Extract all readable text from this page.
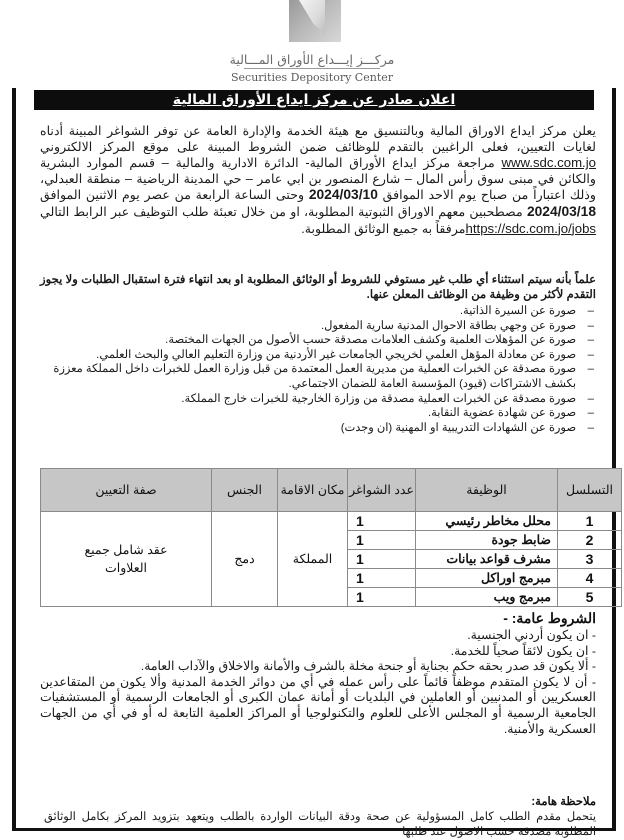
مركـــز إيـــداع الأوراق المـــالية
Securities Depository Center
اعلان صادر عن مركز ايداع الأوراق المالية
يعلن مركز ايداع الاوراق المالية وبالتنسيق مع هيئة الخدمة والإدارة العامة عن توفر الشواغر المبينة أدناه لغايات التعيين، فعلى الراغبين بالتقدم للوظائف ضمن الشروط المبينة على موقع المركز الالكتروني www.sdc.com.jo مراجعة مركز ايداع الأوراق المالية- الدائرة الادارية والمالية – قسم الموارد البشرية والكائن في مبنى سوق رأس المال – شارع المنصور بن ابي عامر – حي المدينة الرياضية – منطقة العبدلي، وذلك اعتباراً من صباح يوم الاحد الموافق 2024/03/10 وحتى الساعة الرابعة من عصر يوم الاثنين الموافق 2024/03/18 مصطحبين معهم الاوراق الثبوتية المطلوبة، او من خلال تعبئة طلب التوظيف عبر الرابط التالي https://sdc.com.jo/jobsمرفقاً به جميع الوثائق المطلوبة.
علماً بأنه سيتم استثناء أي طلب غير مستوفي للشروط أو الوثائق المطلوبة او بعد انتهاء فترة استقبال الطلبات ولا يجوز التقدم لأكثر من وظيفة من الوظائف المعلن عنها.
– صورة عن السيرة الذاتية.
– صورة عن وجهي بطاقة الاحوال المدنية سارية المفعول.
– صورة عن المؤهلات العلمية وكشف العلامات مصدقة حسب الأصول من الجهات المختصة.
– صورة عن معادلة المؤهل العلمي لخريجي الجامعات غير الأردنية من وزارة التعليم العالي والبحث العلمي.
– صورة مصدقة عن الخبرات العملية من مديرية العمل المعتمدة من قبل وزارة العمل للخبرات داخل المملكة معززة بكشف الاشتراكات (قيود) المؤسسة العامة للضمان الاجتماعي.
– صورة مصدقة عن الخبرات العملية مصدقة من وزارة الخارجية للخبرات خارج المملكة.
– صورة عن شهادة عضوية النقابة.
– صورة عن الشهادات التدريبية او المهنية (ان وجدت)
التسلسل	الوظيفة	عدد الشواغر	مكان الاقامة	الجنس	صفة التعيين
1	محلل مخاطر رئيسي	1	المملكة	دمج	عقد شامل جميع العلاوات

2	ضابط جودة	1			
3	مشرف قواعد بيانات	1			
4	مبرمج اوراكل	1			
5	مبرمج ويب	1			
الشروط عامة: -
- ان يكون أردني الجنسية.
- ان يكون لائقاً صحياً للخدمة.
- ألا يكون قد صدر بحقه حكم بجناية أو جنحة مخلة بالشرف والأمانة والاخلاق والآداب العامة.
- أن لا يكون المتقدم موظفاً قائماً على رأس عمله في أي من دوائر الخدمة المدنية وألا يكون من المتقاعدين العسكريين أو المدنيين أو العاملين في البلديات أو أمانة عمان الكبرى أو الجامعات الرسمية أو المستشفيات الجامعية الرسمية أو المجلس الأعلى للعلوم والتكنولوجيا أو المراكز العلمية التابعة له أو في أي من الجهات العسكرية والأمنية.
ملاحظة هامة:
يتحمل مقدم الطلب كامل المسؤولية عن صحة ودقة البيانات الواردة بالطلب ويتعهد بتزويد المركز بكامل الوثائق المطلوبة مصدقة حسب الاصول عند طلبها
